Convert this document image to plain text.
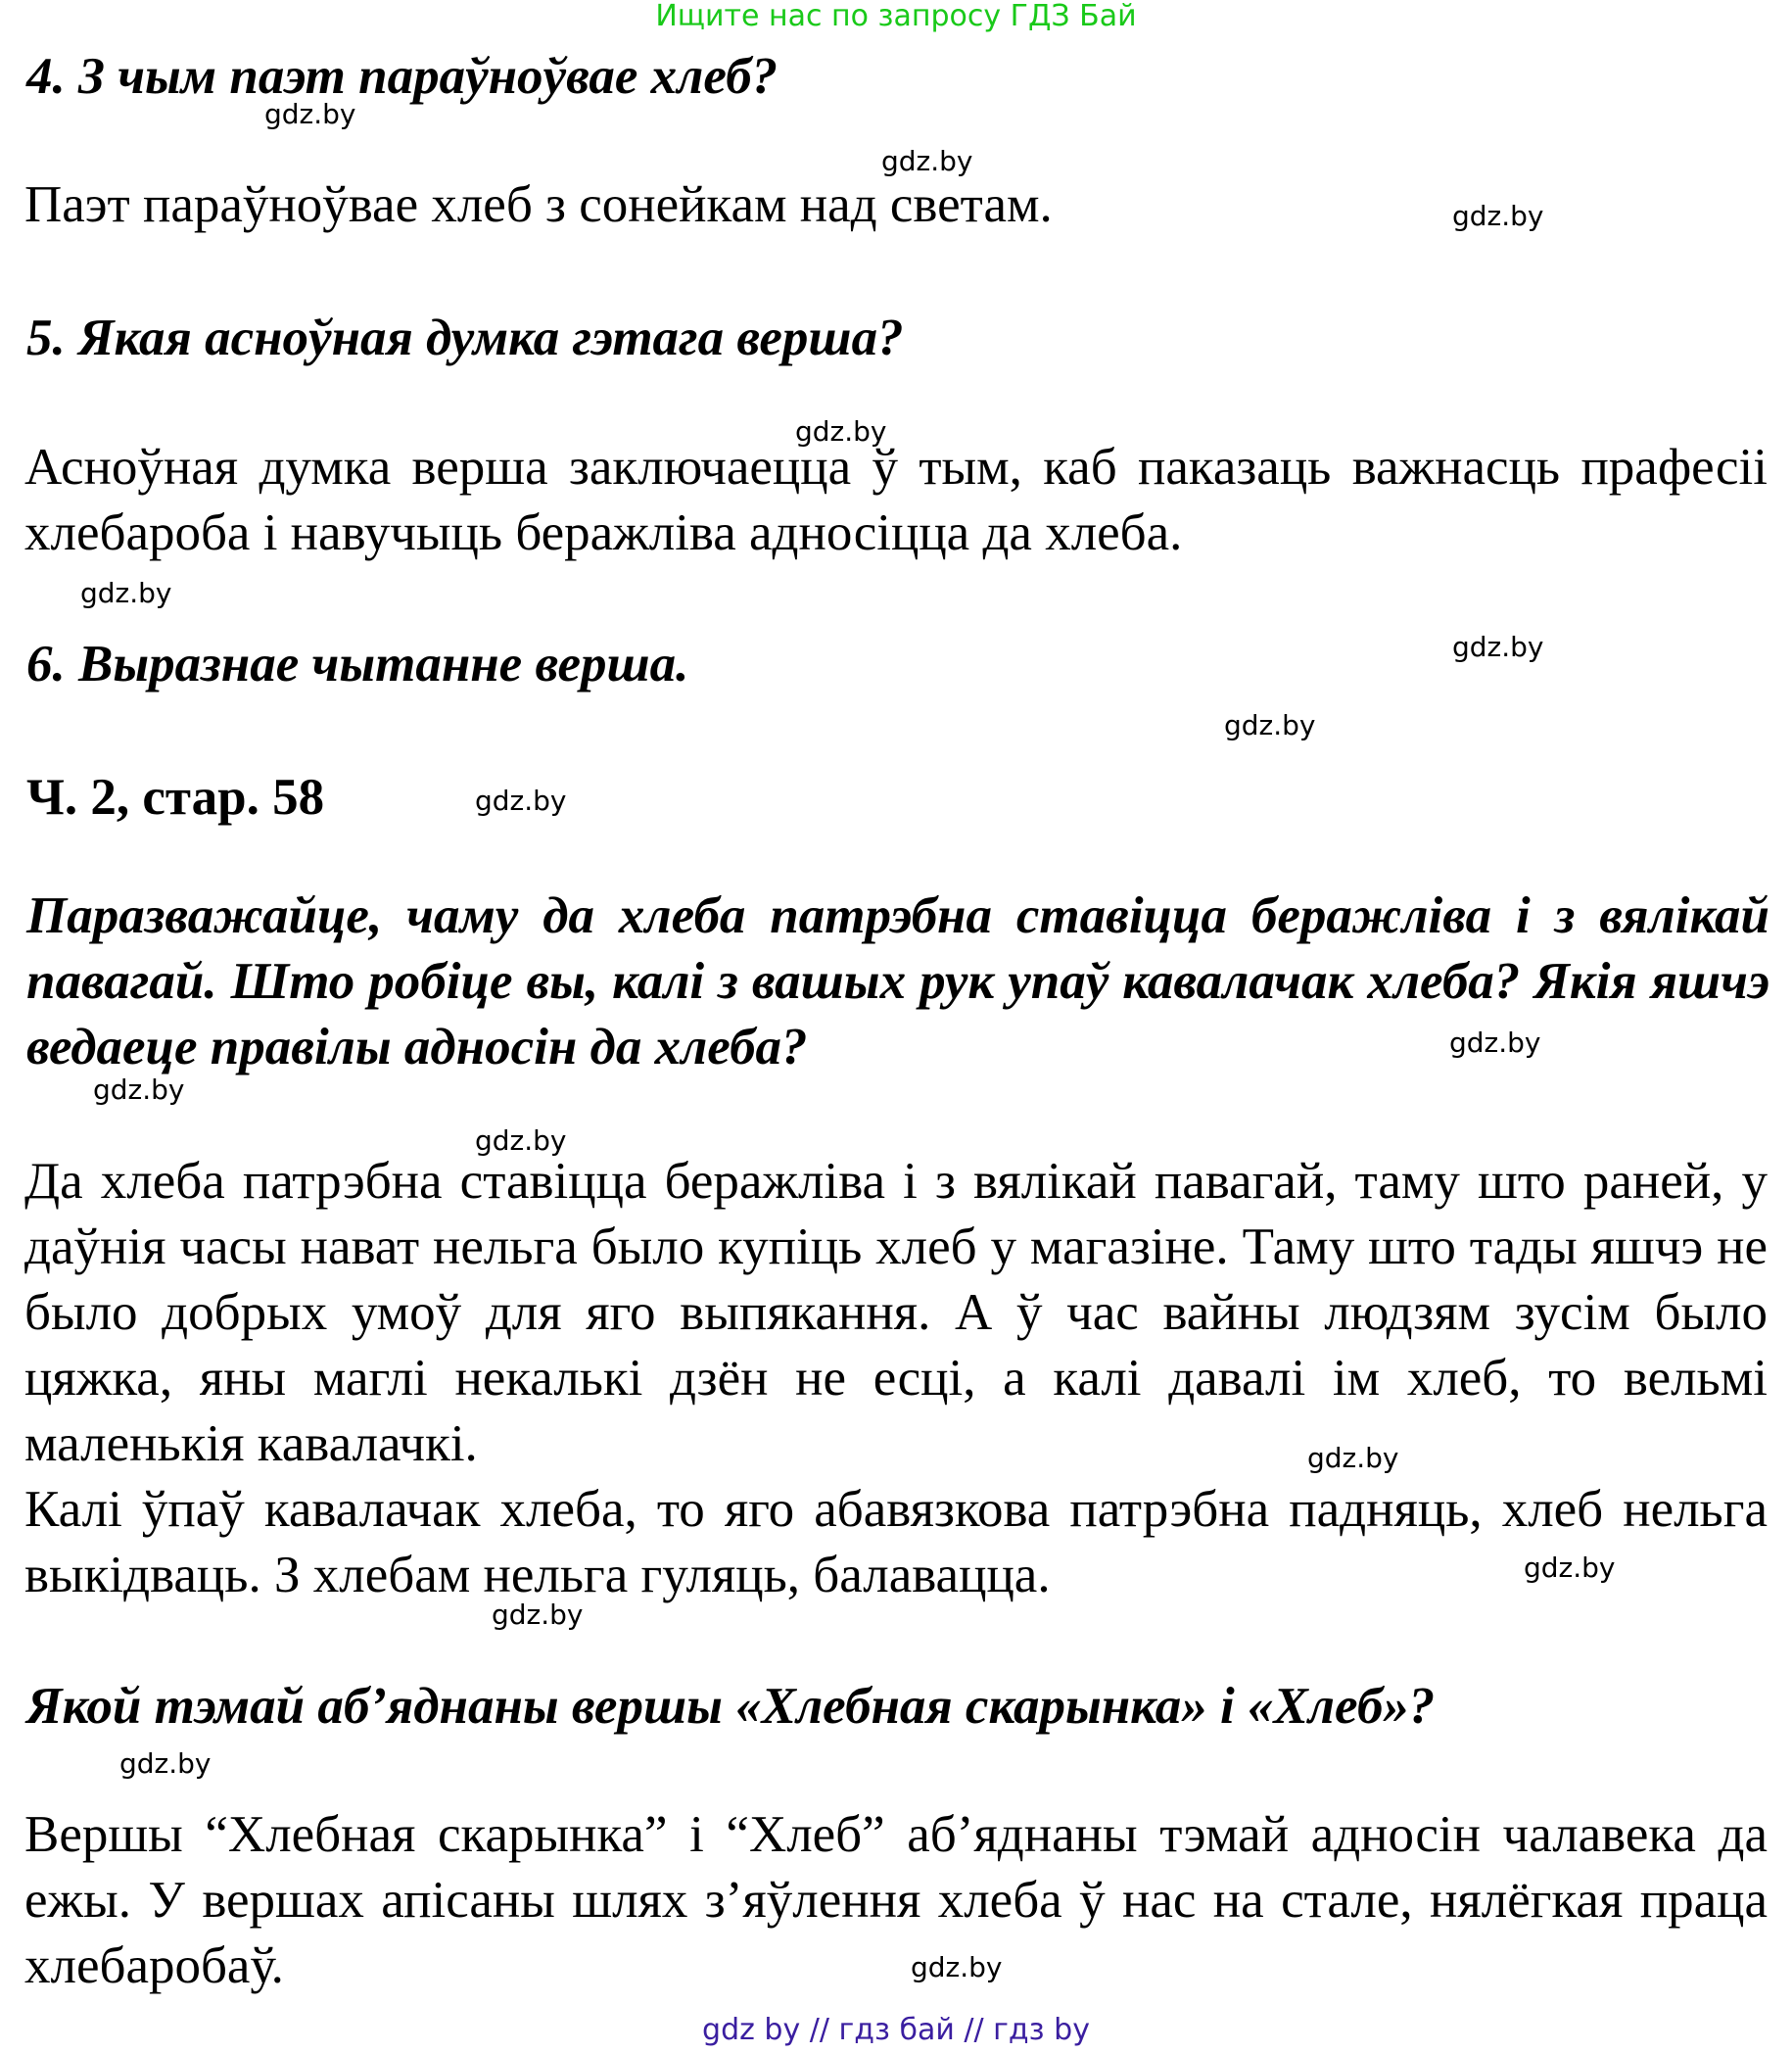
Ищите нас по запросу ГДЗ Бай

4. З чым паэт параўноўвае хлеб?

Паэт параўноўвае хлеб з сонейкам над светам.

5. Якая асноўная думка гэтага верша?

Асноўная думка верша заключаецца ў тым, каб паказаць важнасць прафесіі хлебароба і навучыць беражліва адносіцца да хлеба.

6. Выразнае чытанне верша.

Ч. 2, стар. 58

Паразважайце, чаму да хлеба патрэбна ставіцца беражліва і з вялікай павагай. Што робіце вы, калі з вашых рук упаў кавалачак хлеба? Якія яшчэ ведаеце правілы адносін да хлеба?

Да хлеба патрэбна ставіцца беражліва і з вялікай павагай, таму што раней, у даўнія часы нават нельга было купіць хлеб у магазіне. Таму што тады яшчэ не было добрых умоў для яго выпякання. А ў час вайны людзям зусім было цяжка, яны маглі некалькі дзён не есці, а калі давалі ім хлеб, то вельмі маленькія кавалачкі.

Калі ўпаў кавалачак хлеба, то яго абавязкова патрэбна падняць, хлеб нельга выкідваць. З хлебам нельга гуляць, балавацца.

Якой тэмай аб’яднаны вершы «Хлебная скарынка» і «Хлеб»?

Вершы “Хлебная скарынка” і “Хлеб” аб’яднаны тэмай адносін чалавека да ежы. У вершах апісаны шлях з’яўлення хлеба ў нас на стале, нялёгкая праца хлебаробаў.

gdz.by
gdz.by
gdz.by
gdz.by
gdz.by
gdz.by
gdz.by
gdz.by
gdz.by
gdz.by
gdz.by
gdz.by
gdz.by
gdz.by
gdz.by
gdz.by
gdz by // гдз бай // гдз by
